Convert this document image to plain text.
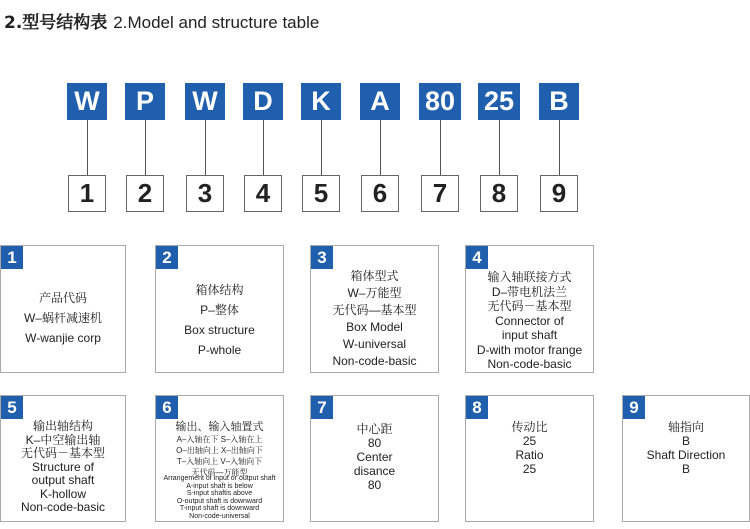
2.型号结构表 2.Model and structure table
W	P	W	D	K	A	80 25	B
1	2	3	4	5	6	7	8	9
1
产品代码
W–蜗杆减速机
W-wanjie corp
2
箱体结构
P–整体
Box structure
P-whole
3
箱体型式
W–万能型
无代码—基本型
Box Model
W-universal
Non-code-basic
4
输入轴联接方式
D–带电机法兰
无代码－基本型
Connector of
input shaft
D-with motor frange
Non-code-basic
5
输出轴结构
K–中空输出轴
无代码－基本型
Structure of
output shaft
K-hollow
Non-code-basic
6
输出、输入轴置式
A–入轴在下 S–入轴在上
O–出轴向上 X–出轴向下
T–入轴向上 V–入轴向下
无代码—万能型
Arrangement of input or output shaft
A-input shaft is below
S-input shaftis above
O-output shaft is downward
T-input shaft is downward
Non-code-universal
7
中心距
80
Center
disance
80
8
传动比
25
Ratio
25
9
轴指向
B
Shaft Direction
B
